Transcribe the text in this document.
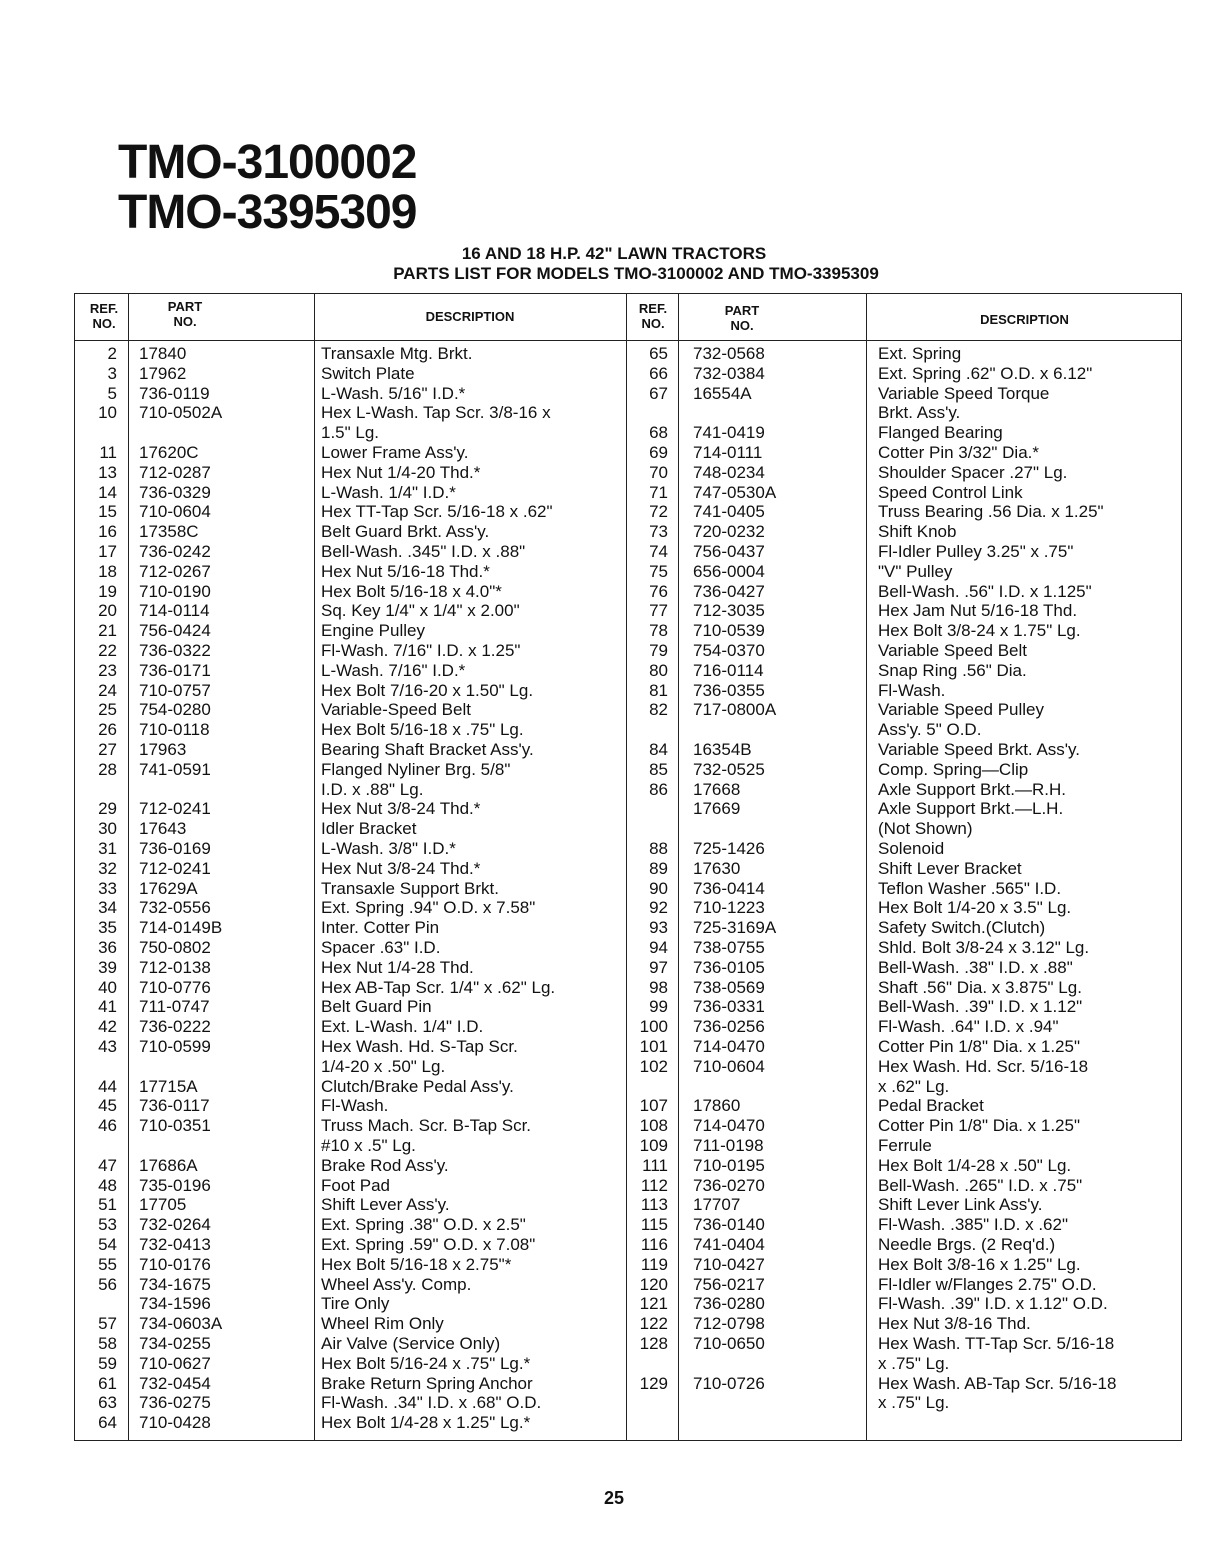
TMO-3100002
TMO-3395309
16 AND 18 H.P. 42" LAWN TRACTORS
PARTS LIST FOR MODELS TMO-3100002 AND TMO-3395309
REF.
NO.
PART
NO.	DESCRIPTION
REF.
NO.
PART
NO.	DESCRIPTION
2 17840	Transaxle Mtg. Brkt.
3 17962	Switch Plate
5 736-0119	L-Wash. 5/16" I.D.*
10 710-0502A	Hex L-Wash. Tap Scr. 3/8-16 x
1.5" Lg.
11 17620C	Lower Frame Ass'y.
13 712-0287	Hex Nut 1/4-20 Thd.*
14 736-0329	L-Wash. 1/4" I.D.*
15 710-0604	Hex TT-Tap Scr. 5/16-18 x .62"
16 17358C	Belt Guard Brkt. Ass'y.
17 736-0242	Bell-Wash. .345" I.D. x .88"
18 712-0267	Hex Nut 5/16-18 Thd.*
19 710-0190	Hex Bolt 5/16-18 x 4.0"*
20 714-0114	Sq. Key 1/4" x 1/4" x 2.00"
21 756-0424	Engine Pulley
22 736-0322	Fl-Wash. 7/16" I.D. x 1.25"
23 736-0171	L-Wash. 7/16" I.D.*
24 710-0757	Hex Bolt 7/16-20 x 1.50" Lg.
25 754-0280	Variable-Speed Belt
26 710-0118	Hex Bolt 5/16-18 x .75" Lg.
27 17963	Bearing Shaft Bracket Ass'y.
28 741-0591	Flanged Nyliner Brg. 5/8"
I.D. x .88" Lg.
29 712-0241	Hex Nut 3/8-24 Thd.*
30 17643	Idler Bracket
31 736-0169	L-Wash. 3/8" I.D.*
32 712-0241	Hex Nut 3/8-24 Thd.*
33 17629A	Transaxle Support Brkt.
34 732-0556	Ext. Spring .94" O.D. x 7.58"
35 714-0149B	Inter. Cotter Pin
36 750-0802	Spacer .63" I.D.
39 712-0138	Hex Nut 1/4-28 Thd.
40 710-0776	Hex AB-Tap Scr. 1/4" x .62" Lg.
41 711-0747	Belt Guard Pin
42 736-0222	Ext. L-Wash. 1/4" I.D.
43 710-0599	Hex Wash. Hd. S-Tap Scr.
1/4-20 x .50" Lg.
44 17715A	Clutch/Brake Pedal Ass'y.
45 736-0117	Fl-Wash.
46 710-0351	Truss Mach. Scr. B-Tap Scr.
#10 x .5" Lg.
47 17686A	Brake Rod Ass'y.
48 735-0196	Foot Pad
51 17705	Shift Lever Ass'y.
53 732-0264	Ext. Spring .38" O.D. x 2.5"
54 732-0413	Ext. Spring .59" O.D. x 7.08"
55 710-0176	Hex Bolt 5/16-18 x 2.75"*
56 734-1675	Wheel Ass'y. Comp.
734-1596	Tire Only
57 734-0603A	Wheel Rim Only
58 734-0255	Air Valve (Service Only)
59 710-0627	Hex Bolt 5/16-24 x .75" Lg.*
61 732-0454	Brake Return Spring Anchor
63 736-0275	Fl-Wash. .34" I.D. x .68" O.D.
64 710-0428	Hex Bolt 1/4-28 x 1.25" Lg.*
65 732-0568	Ext. Spring
66 732-0384	Ext. Spring .62" O.D. x 6.12"
67 16554A	Variable Speed Torque
Brkt. Ass'y.
68 741-0419	Flanged Bearing
69 714-0111	Cotter Pin 3/32" Dia.*
70 748-0234	Shoulder Spacer .27" Lg.
71 747-0530A	Speed Control Link
72 741-0405	Truss Bearing .56 Dia. x 1.25"
73 720-0232	Shift Knob
74 756-0437	Fl-Idler Pulley 3.25" x .75"
75 656-0004	"V" Pulley
76 736-0427	Bell-Wash. .56" I.D. x 1.125"
77 712-3035	Hex Jam Nut 5/16-18 Thd.
78 710-0539	Hex Bolt 3/8-24 x 1.75" Lg.
79 754-0370	Variable Speed Belt
80 716-0114	Snap Ring .56" Dia.
81 736-0355	Fl-Wash.
82 717-0800A	Variable Speed Pulley
Ass'y. 5" O.D.
84 16354B	Variable Speed Brkt. Ass'y.
85 732-0525	Comp. Spring—Clip
86 17668	Axle Support Brkt.—R.H.
17669	Axle Support Brkt.—L.H.
(Not Shown)
88 725-1426	Solenoid
89 17630	Shift Lever Bracket
90 736-0414	Teflon Washer .565" I.D.
92 710-1223	Hex Bolt 1/4-20 x 3.5" Lg.
93 725-3169A	Safety Switch.(Clutch)
94 738-0755	Shld. Bolt 3/8-24 x 3.12" Lg.
97 736-0105	Bell-Wash. .38" I.D. x .88"
98 738-0569	Shaft .56" Dia. x 3.875" Lg.
99 736-0331	Bell-Wash. .39" I.D. x 1.12"
100 736-0256	Fl-Wash. .64" I.D. x .94"
101 714-0470	Cotter Pin 1/8" Dia. x 1.25"
102 710-0604	Hex Wash. Hd. Scr. 5/16-18
x .62" Lg.
107 17860	Pedal Bracket
108 714-0470	Cotter Pin 1/8" Dia. x 1.25"
109 711-0198	Ferrule
111 710-0195	Hex Bolt 1/4-28 x .50" Lg.
112 736-0270	Bell-Wash. .265" I.D. x .75"
113 17707	Shift Lever Link Ass'y.
115 736-0140	Fl-Wash. .385" I.D. x .62"
116 741-0404	Needle Brgs. (2 Req'd.)
119 710-0427	Hex Bolt 3/8-16 x 1.25" Lg.
120 756-0217	Fl-Idler w/Flanges 2.75" O.D.
121 736-0280	Fl-Wash. .39" I.D. x 1.12" O.D.
122 712-0798	Hex Nut 3/8-16 Thd.
128 710-0650	Hex Wash. TT-Tap Scr. 5/16-18
x .75" Lg.
129 710-0726	Hex Wash. AB-Tap Scr. 5/16-18
x .75" Lg.
25
